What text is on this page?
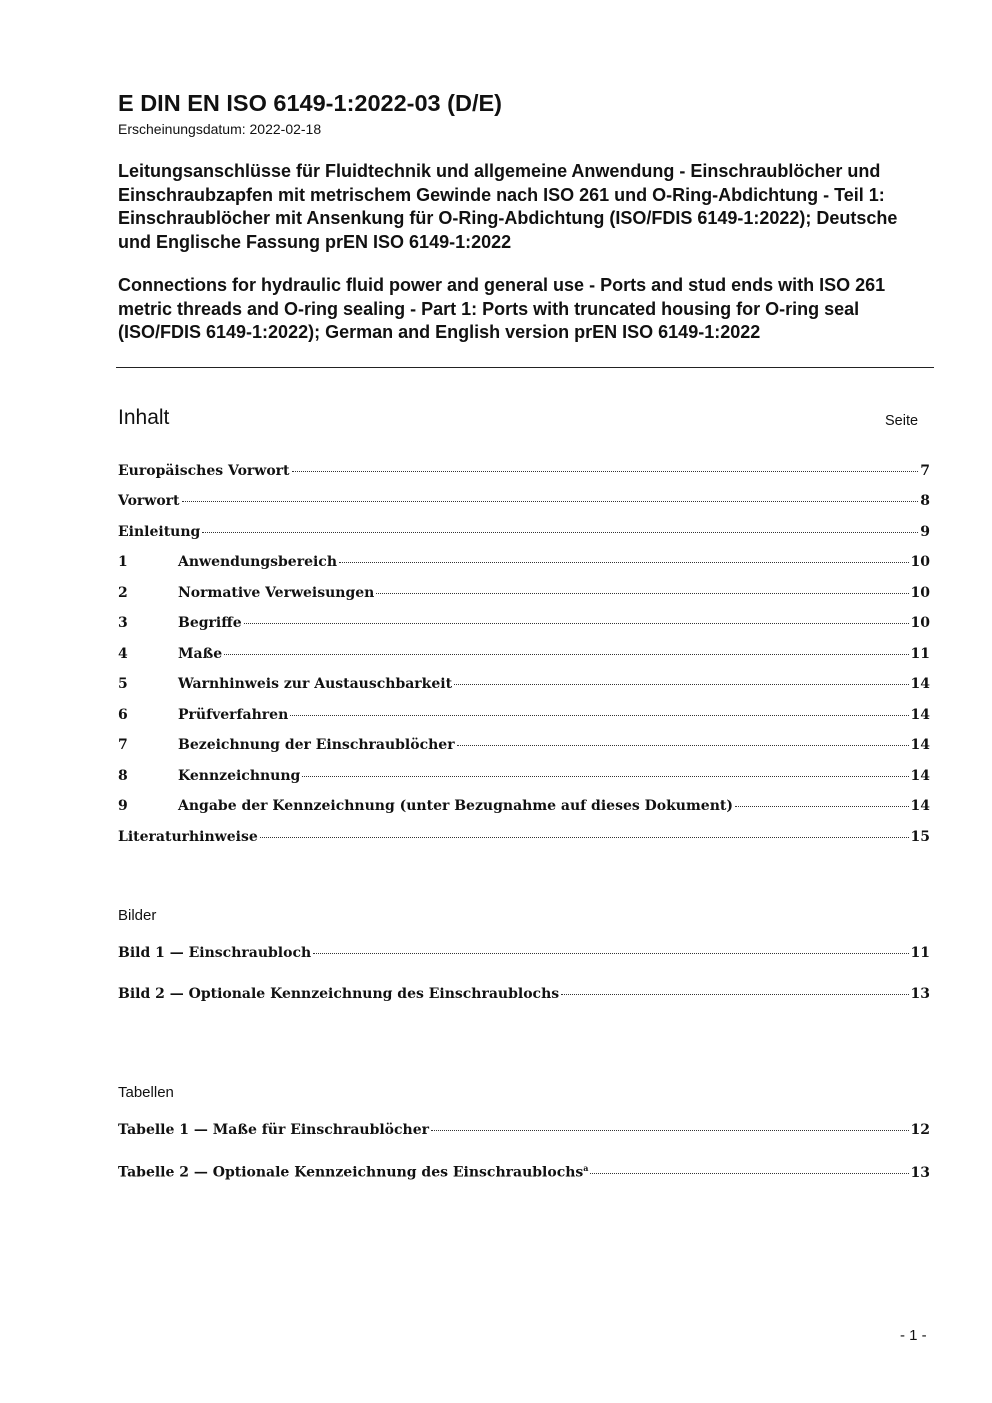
E DIN EN ISO 6149-1:2022-03 (D/E)
Erscheinungsdatum: 2022-02-18
Leitungsanschlüsse für Fluidtechnik und allgemeine Anwendung - Einschraublöcher und Einschraubzapfen mit metrischem Gewinde nach ISO 261 und O-Ring-Abdichtung - Teil 1: Einschraublöcher mit Ansenkung für O-Ring-Abdichtung (ISO/FDIS 6149-1:2022); Deutsche und Englische Fassung prEN ISO 6149-1:2022
Connections for hydraulic fluid power and general use - Ports and stud ends with ISO 261 metric threads and O-ring sealing - Part 1: Ports with truncated housing for O-ring seal (ISO/FDIS 6149-1:2022); German and English version prEN ISO 6149-1:2022
Inhalt	Seite
Europäisches Vorwort	7
Vorwort	8
Einleitung	9
1	Anwendungsbereich	10
2	Normative Verweisungen	10
3	Begriffe	10
4	Maße	11
5	Warnhinweis zur Austauschbarkeit	14
6	Prüfverfahren	14
7	Bezeichnung der Einschraublöcher	14
8	Kennzeichnung	14
9	Angabe der Kennzeichnung (unter Bezugnahme auf dieses Dokument)	14
Literaturhinweise	15
Bilder
Bild 1 — Einschraubloch	11
Bild 2 — Optionale Kennzeichnung des Einschraublochs	13
Tabellen
Tabelle 1 — Maße für Einschraublöcher	12
Tabelle 2 — Optionale Kennzeichnung des Einschraublochs$^a$	13
- 1 -
